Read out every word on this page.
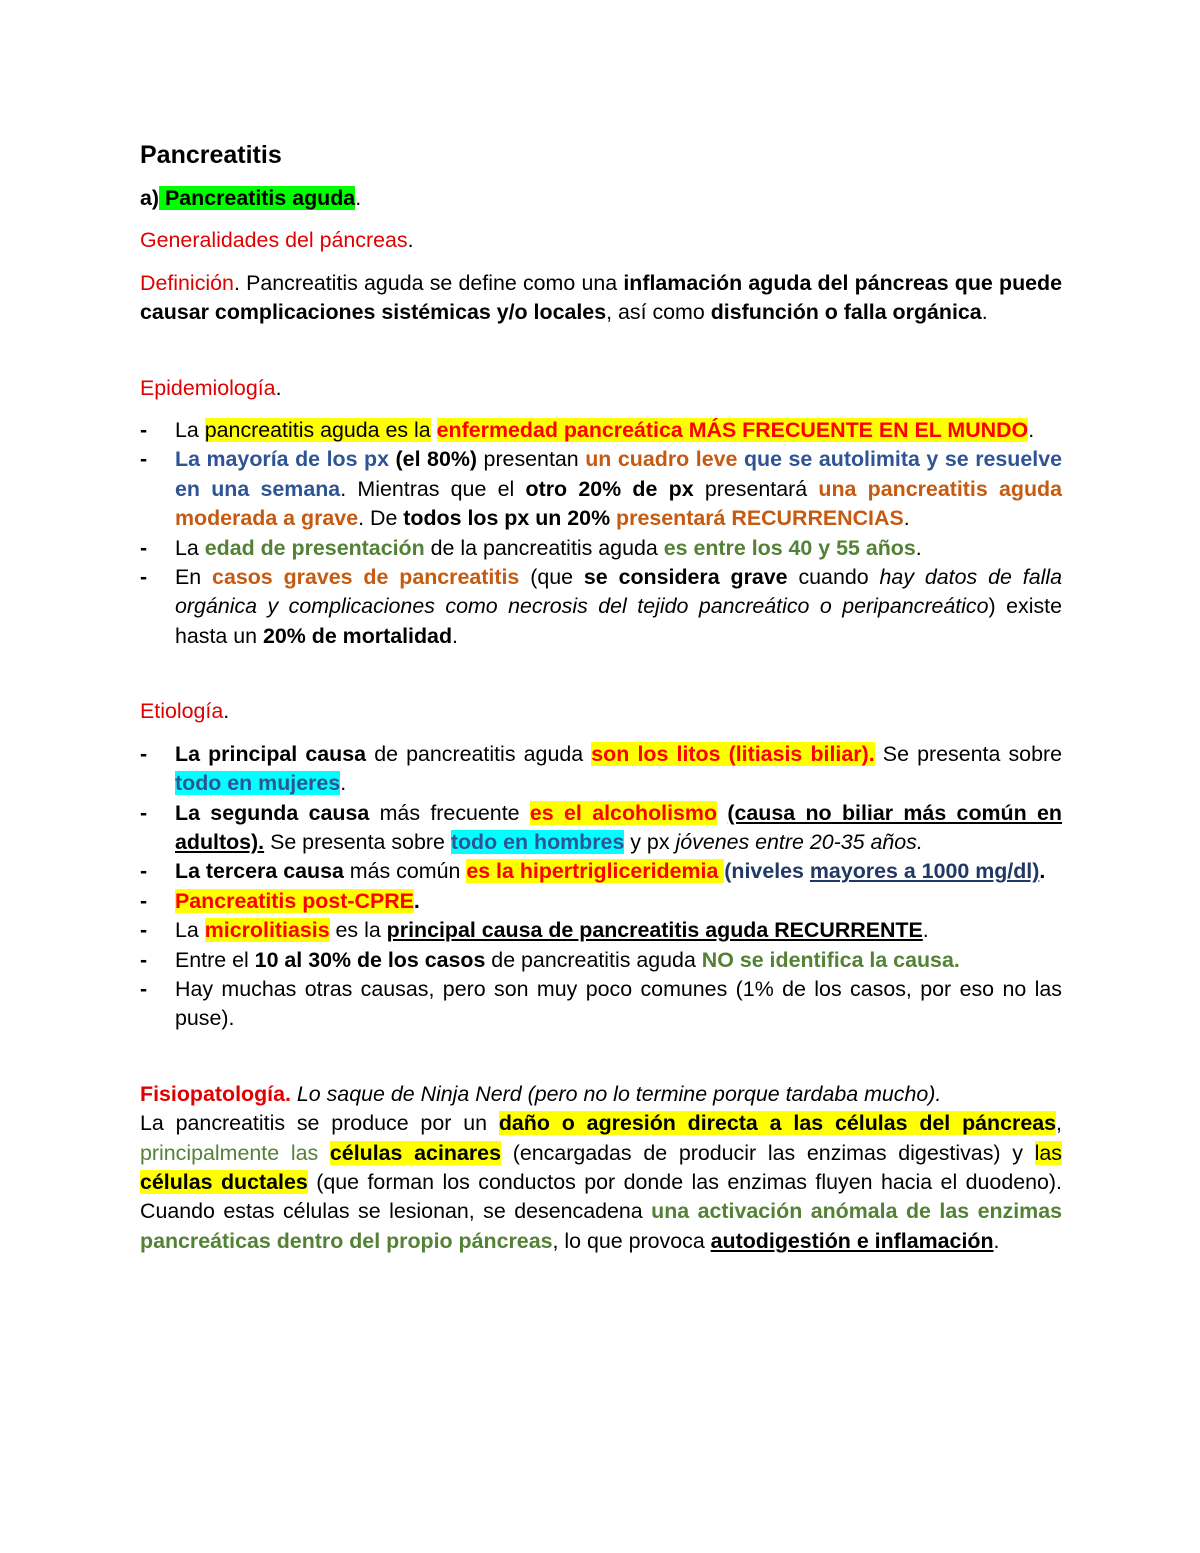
Pancreatitis

a) Pancreatitis aguda.

Generalidades del páncreas.

Definición. Pancreatitis aguda se define como una inflamación aguda del páncreas que puede causar complicaciones sistémicas y/o locales, así como disfunción o falla orgánica.

Epidemiología.

- La pancreatitis aguda es la enfermedad pancreática MÁS FRECUENTE EN EL MUNDO.
- La mayoría de los px (el 80%) presentan un cuadro leve que se autolimita y se resuelve en una semana. Mientras que el otro 20% de px presentará una pancreatitis aguda moderada a grave. De todos los px un 20% presentará RECURRENCIAS.
- La edad de presentación de la pancreatitis aguda es entre los 40 y 55 años.
- En casos graves de pancreatitis (que se considera grave cuando hay datos de falla orgánica y complicaciones como necrosis del tejido pancreático o peripancreático) existe hasta un 20% de mortalidad.

Etiología.

- La principal causa de pancreatitis aguda son los litos (litiasis biliar). Se presenta sobre todo en mujeres.
- La segunda causa más frecuente es el alcoholismo (causa no biliar más común en adultos). Se presenta sobre todo en hombres y px jóvenes entre 20-35 años.
- La tercera causa más común es la hipertrigliceridemia (niveles mayores a 1000 mg/dl).
- Pancreatitis post-CPRE.
- La microlitiasis es la principal causa de pancreatitis aguda RECURRENTE.
- Entre el 10 al 30% de los casos de pancreatitis aguda NO se identifica la causa.
- Hay muchas otras causas, pero son muy poco comunes (1% de los casos, por eso no las puse).

Fisiopatología. Lo saque de Ninja Nerd (pero no lo termine porque tardaba mucho).

La pancreatitis se produce por un daño o agresión directa a las células del páncreas, principalmente las células acinares (encargadas de producir las enzimas digestivas) y las células ductales (que forman los conductos por donde las enzimas fluyen hacia el duodeno). Cuando estas células se lesionan, se desencadena una activación anómala de las enzimas pancreáticas dentro del propio páncreas, lo que provoca autodigestión e inflamación.
